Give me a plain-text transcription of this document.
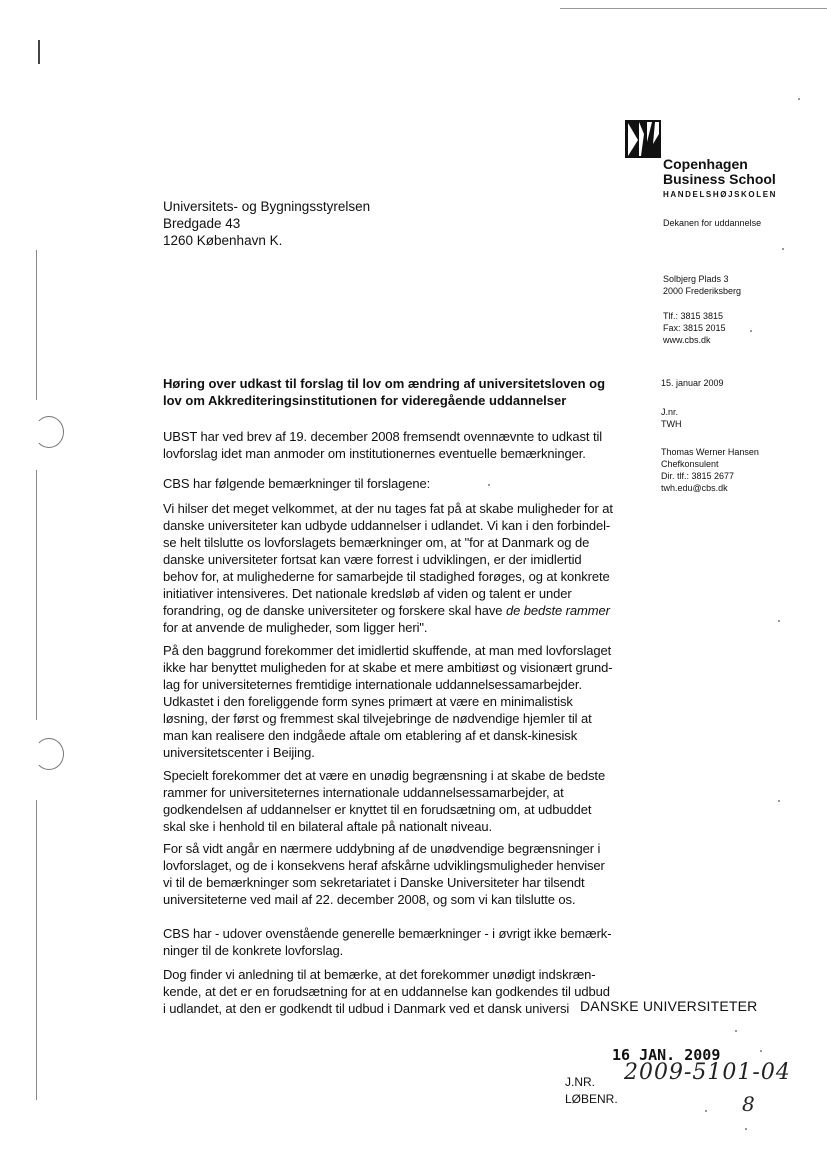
Copenhagen
Business School
HANDELSHØJSKOLEN
Dekanen for uddannelse
Solbjerg Plads 3
2000 Frederiksberg
Tlf.: 3815 3815
Fax: 3815 2015
www.cbs.dk
15. januar 2009
J.nr.
TWH
Thomas Werner Hansen
Chefkonsulent
Dir. tlf.: 3815 2677
twh.edu@cbs.dk
Universitets- og Bygningsstyrelsen
Bredgade 43
1260 København K.
Høring over udkast til forslag til lov om ændring af universitetsloven og
lov om Akkrediteringsinstitutionen for videregående uddannelser
UBST har ved brev af 19. december 2008 fremsendt ovennævnte to udkast til
lovforslag idet man anmoder om institutionernes eventuelle bemærkninger.
CBS har følgende bemærkninger til forslagene:
Vi hilser det meget velkommet, at der nu tages fat på at skabe muligheder for at
danske universiteter kan udbyde uddannelser i udlandet. Vi kan i den forbindel-
se helt tilslutte os lovforslagets bemærkninger om, at "for at Danmark og de
danske universiteter fortsat kan være forrest i udviklingen, er der imidlertid
behov for, at mulighederne for samarbejde til stadighed forøges, og at konkrete
initiativer intensiveres. Det nationale kredsløb af viden og talent er under
forandring, og de danske universiteter og forskere skal have de bedste rammer
for at anvende de muligheder, som ligger heri".
På den baggrund forekommer det imidlertid skuffende, at man med lovforslaget
ikke har benyttet muligheden for at skabe et mere ambitiøst og visionært grund-
lag for universiteternes fremtidige internationale uddannelsessamarbejder.
Udkastet i den foreliggende form synes primært at være en minimalistisk
løsning, der først og fremmest skal tilvejebringe de nødvendige hjemler til at
man kan realisere den indgåede aftale om etablering af et dansk-kinesisk
universitetscenter i Beijing.
Specielt forekommer det at være en unødig begrænsning i at skabe de bedste
rammer for universiteternes internationale uddannelsessamarbejder, at
godkendelsen af uddannelser er knyttet til en forudsætning om, at udbuddet
skal ske i henhold til en bilateral aftale på nationalt niveau.
For så vidt angår en nærmere uddybning af de unødvendige begrænsninger i
lovforslaget, og de i konsekvens heraf afskårne udviklingsmuligheder henviser
vi til de bemærkninger som sekretariatet i Danske Universiteter har tilsendt
universiteterne ved mail af 22. december 2008, og som vi kan tilslutte os.
CBS har - udover ovenstående generelle bemærkninger - i øvrigt ikke bemærk-
ninger til de konkrete lovforslag.
Dog finder vi anledning til at bemærke, at det forekommer unødigt indskræn-
kende, at det er en forudsætning for at en uddannelse kan godkendes til udbud
i udlandet, at den er godkendt til udbud i Danmark ved et dansk universi DANSKE UNIVERSITETER
16 JAN. 2009
J.NR. 2009-5101-04
LØBENR.	8
